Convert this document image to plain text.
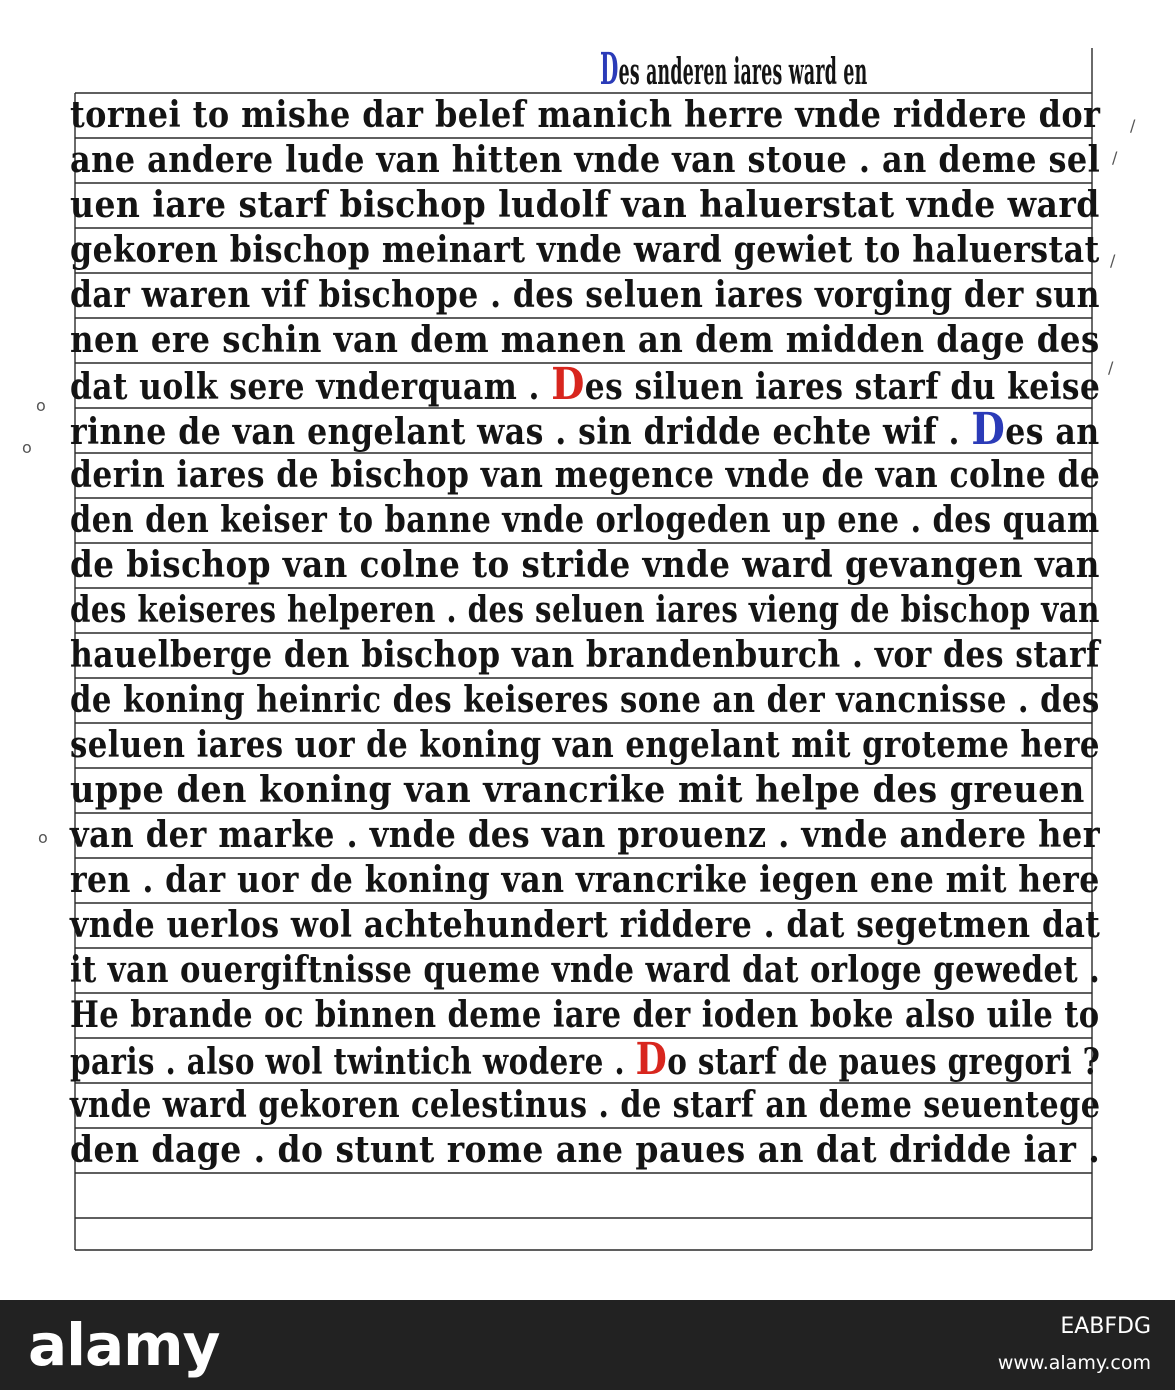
Des anderen iares ward en
tornei to mishe dar belef manich herre vnde riddere dor
ane andere lude van hitten vnde van stoue . an deme sel
uen iare starf bischop ludolf van haluerstat vnde ward
gekoren bischop meinart vnde ward gewiet to haluerstat
dar waren vif bischope . des seluen iares vorging der sun
nen ere schin van dem manen an dem midden dage des
dat uolk sere vnderquam . Des siluen iares starf du keise
rinne de van engelant was . sin dridde echte wif . Des an
derin iares de bischop van megence vnde de van colne de
den den keiser to banne vnde orlogeden up ene . des quam
de bischop van colne to stride vnde ward gevangen van
des keiseres helperen . des seluen iares vieng de bischop van
hauelberge den bischop van brandenburch . vor des starf
de koning heinric des keiseres sone an der vancnisse . des
seluen iares uor de koning van engelant mit groteme here
uppe den koning van vrancrike mit helpe des greuen
van der marke . vnde des van prouenz . vnde andere her
ren . dar uor de koning van vrancrike iegen ene mit here
vnde uerlos wol achtehundert riddere . dat segetmen dat
it van ouergiftnisse queme vnde ward dat orloge gewedet .
He brande oc binnen deme iare der ioden boke also uile to
paris . also wol twintich wodere . Do starf de paues gregori ?
vnde ward gekoren celestinus . de starf an deme seuentege
den dage . do stunt rome ane paues an dat dridde iar .
/
/
/
/
o
o
o
alamy	EABFDG
www.alamy.com
